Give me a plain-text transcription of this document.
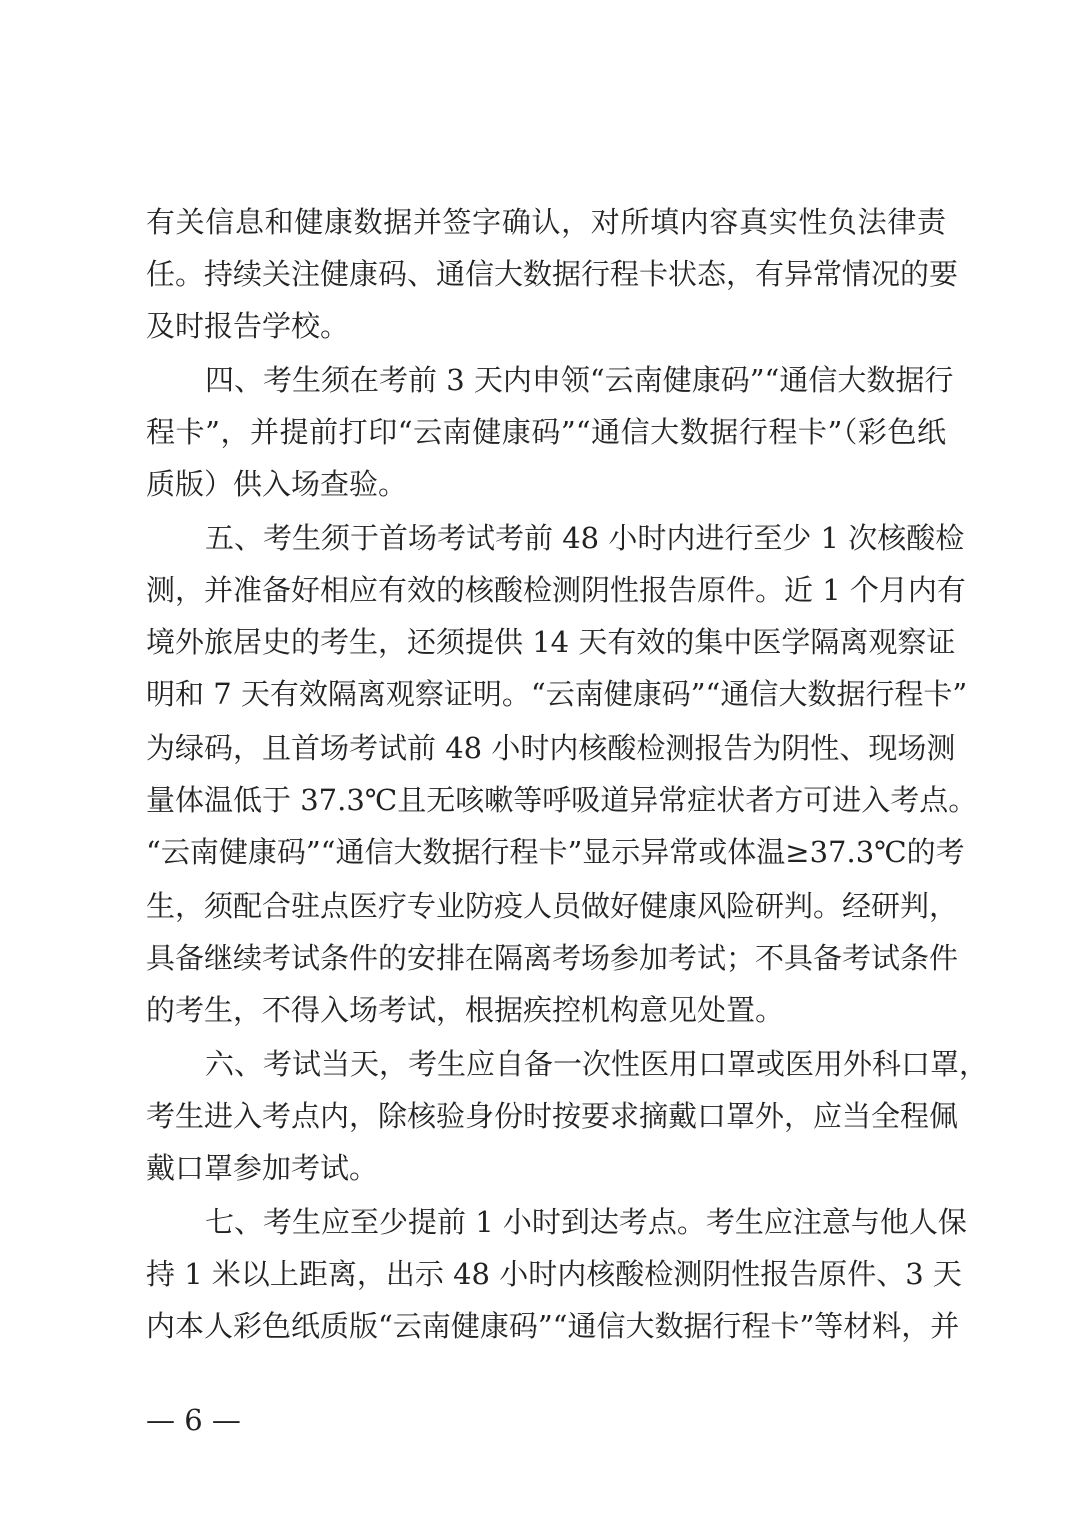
有关信息和健康数据并签字确认，对所填内容真实性负法律责
任。持续关注健康码、通信大数据行程卡状态，有异常情况的要
及时报告学校。
四、考生须在考前 3 天内申领“云南健康码”“通信大数据行
程卡”，并提前打印“云南健康码”“通信大数据行程卡”（彩色纸
质版）供入场查验。
五、考生须于首场考试考前 48 小时内进行至少 1 次核酸检
测，并准备好相应有效的核酸检测阴性报告原件。近 1 个月内有
境外旅居史的考生，还须提供 14 天有效的集中医学隔离观察证
明和 7 天有效隔离观察证明。“云南健康码”“通信大数据行程卡”
为绿码，且首场考试前 48 小时内核酸检测报告为阴性、现场测
量体温低于 37.3℃且无咳嗽等呼吸道异常症状者方可进入考点。
“云南健康码”“通信大数据行程卡”显示异常或体温≥37.3℃的考
生，须配合驻点医疗专业防疫人员做好健康风险研判。经研判，
具备继续考试条件的安排在隔离考场参加考试；不具备考试条件
的考生，不得入场考试，根据疾控机构意见处置。
六、考试当天，考生应自备一次性医用口罩或医用外科口罩，
考生进入考点内，除核验身份时按要求摘戴口罩外，应当全程佩
戴口罩参加考试。
七、考生应至少提前 1 小时到达考点。考生应注意与他人保
持 1 米以上距离，出示 48 小时内核酸检测阴性报告原件、3 天
内本人彩色纸质版“云南健康码”“通信大数据行程卡”等材料，并
— 6 —
